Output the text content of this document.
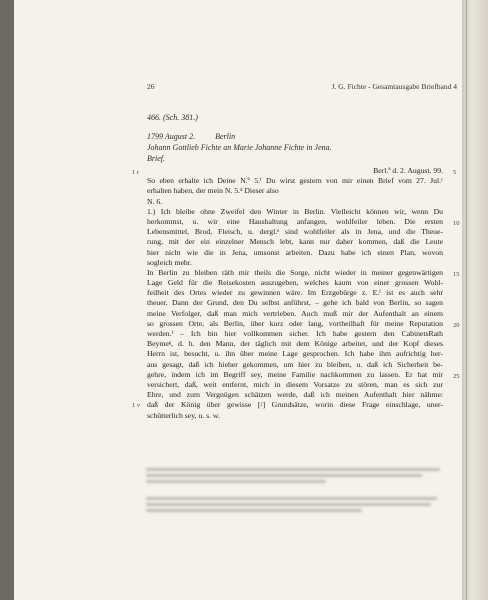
26	J. G. Fichte - Gesamtausgabe Briefband 4
466. (Sch. 381.)
1799 August 2.	Berlin
Johann Gottlieb Fichte an Marie Johanne Fichte in Jena.
Brief.
1 r
1 v
5
10
15
20
25
Berl.ª d. 2. August. 99.
So eben erhalte ich Deine N.º 5.ᶠ Du wirst gestern von mir einen Brief vom 27. Jul.ᶜ
erhalten haben, der mein N. 5.ᵈ Dieser also
N. 6.
1.) Ich bleibe ohne Zweifel den Winter in Berlin. Vielleicht können wir, wenn Du
herkommst, u. wir eine Haushaltung anfangen, wohlfeiler leben. Die ersten
Lebensmittel, Brod, Fleisch, u. dergl.ᵉ sind wohlfeiler als in Jena, und die Theue-
rung, mit der ein einzelner Mensch lebt, kann nur daher kommen, daß die Leute
hier nicht wie die in Jena, umsonst arbeiten. Dazu habe ich einen Plan, wovon
sogleich mehr.
In Berlin zu bleiben räth mir theils die Sorge, nicht wieder in meiner gegenwärtigen
Lage Geld für die Reisekosten auszugeben, welches kaum von einer grossen Wohl-
feilheit des Ortes wieder zu gewinnen wäre. Im Erzgebürge z. E.ᶠ ist es auch sehr
theuer. Dann der Grund, den Du selbst anführst, – gehe ich bald von Berlin, so sagen
meine Verfolger, daß man mich vertrieben. Auch muß mir der Aufenthalt an einem
so grossen Orte, als Berlin, über kurz oder lang, vortheilhaft für meine Reputation
werden.ᶠ – Ich bin hier vollkommen sicher. Ich habe gestern den CabinetsRath
Beymeᵍ, d. h. den Mann, der täglich mit dem Könige arbeitet, und der Kopf dieses
Herrn ist, besucht, u. ihn über meine Lage gesprochen. Ich habe ihm aufrichtig her-
aus gesagt, daß ich hieher gekommen, um hier zu bleiben, u. daß ich Sicherheit be-
gehre, indem ich im Begriff sey, meine Familie nachkommen zu lassen. Er hat mir
versichert, daß, weit entfernt, mich in diesem Vorsatze zu stören, man es sich zur
Ehre, und zum Vergnügen schätzen werde, daß ich meinen Aufenthalt hier nähme:
daß der König über gewisse [/] Grundsätze, worin diese Frage einschlage, uner-
schütterlich sey, u. s. w.
